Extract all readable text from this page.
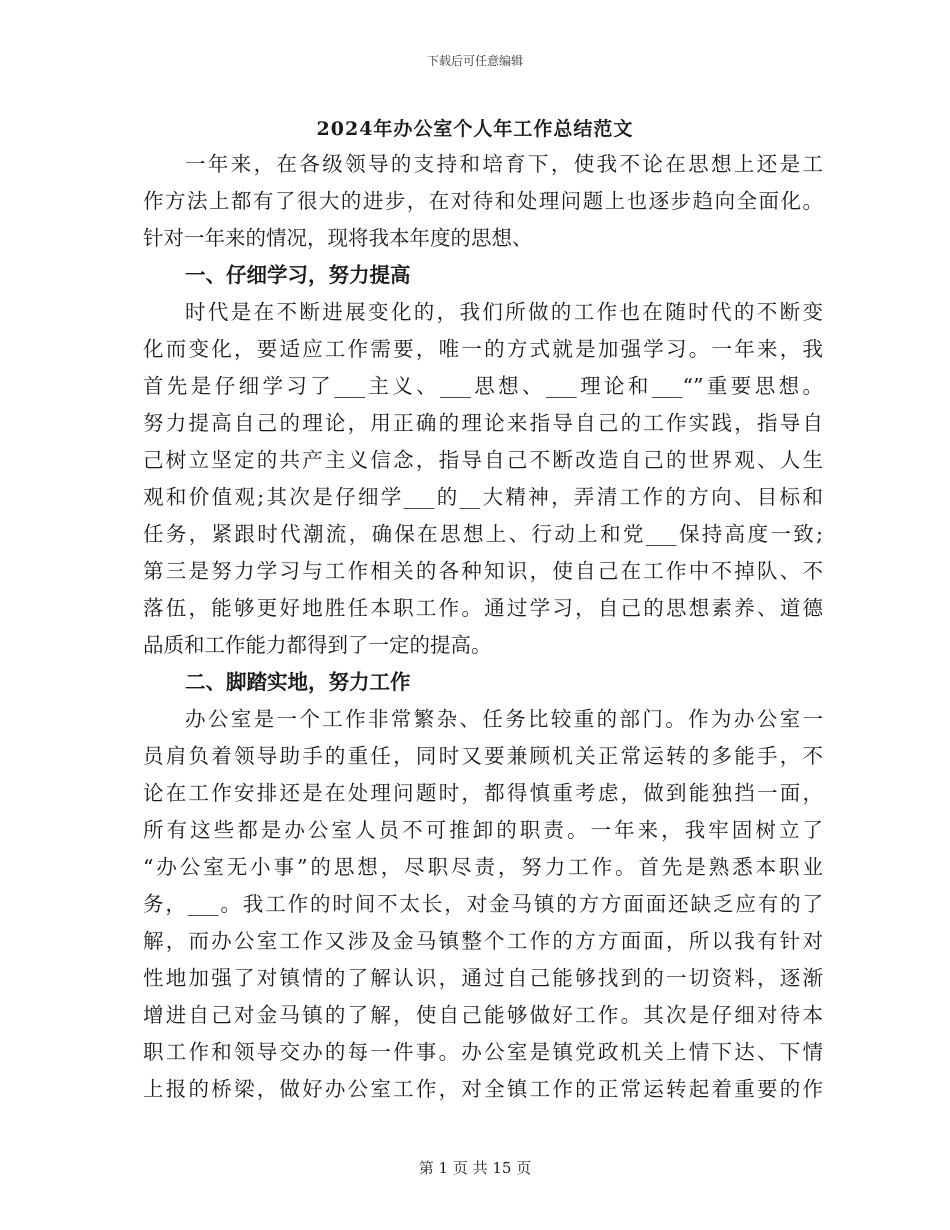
下载后可任意编辑
2024年办公室个人年工作总结范文
一年来，在各级领导的支持和培育下，使我不论在思想上还是工
作方法上都有了很大的进步，在对待和处理问题上也逐步趋向全面化。
针对一年来的情况，现将我本年度的思想、
一、仔细学习，努力提高
时代是在不断进展变化的，我们所做的工作也在随时代的不断变
化而变化，要适应工作需要，唯一的方式就是加强学习。一年来，我
首先是仔细学习了___主义、___思想、___理论和___“”重要思想。
努力提高自己的理论，用正确的理论来指导自己的工作实践，指导自
己树立坚定的共产主义信念，指导自己不断改造自己的世界观、人生
观和价值观;其次是仔细学___的__大精神，弄清工作的方向、目标和
任务，紧跟时代潮流，确保在思想上、行动上和党___保持高度一致;
第三是努力学习与工作相关的各种知识，使自己在工作中不掉队、不
落伍，能够更好地胜任本职工作。通过学习，自己的思想素养、道德
品质和工作能力都得到了一定的提高。
二、脚踏实地，努力工作
办公室是一个工作非常繁杂、任务比较重的部门。作为办公室一
员肩负着领导助手的重任，同时又要兼顾机关正常运转的多能手，不
论在工作安排还是在处理问题时，都得慎重考虑，做到能独挡一面，
所有这些都是办公室人员不可推卸的职责。一年来，我牢固树立了
“办公室无小事”的思想，尽职尽责，努力工作。首先是熟悉本职业
务，___。我工作的时间不太长，对金马镇的方方面面还缺乏应有的了
解，而办公室工作又涉及金马镇整个工作的方方面面，所以我有针对
性地加强了对镇情的了解认识，通过自己能够找到的一切资料，逐渐
增进自己对金马镇的了解，使自己能够做好工作。其次是仔细对待本
职工作和领导交办的每一件事。办公室是镇党政机关上情下达、下情
上报的桥梁，做好办公室工作，对全镇工作的正常运转起着重要的作
第 1 页 共 15 页
